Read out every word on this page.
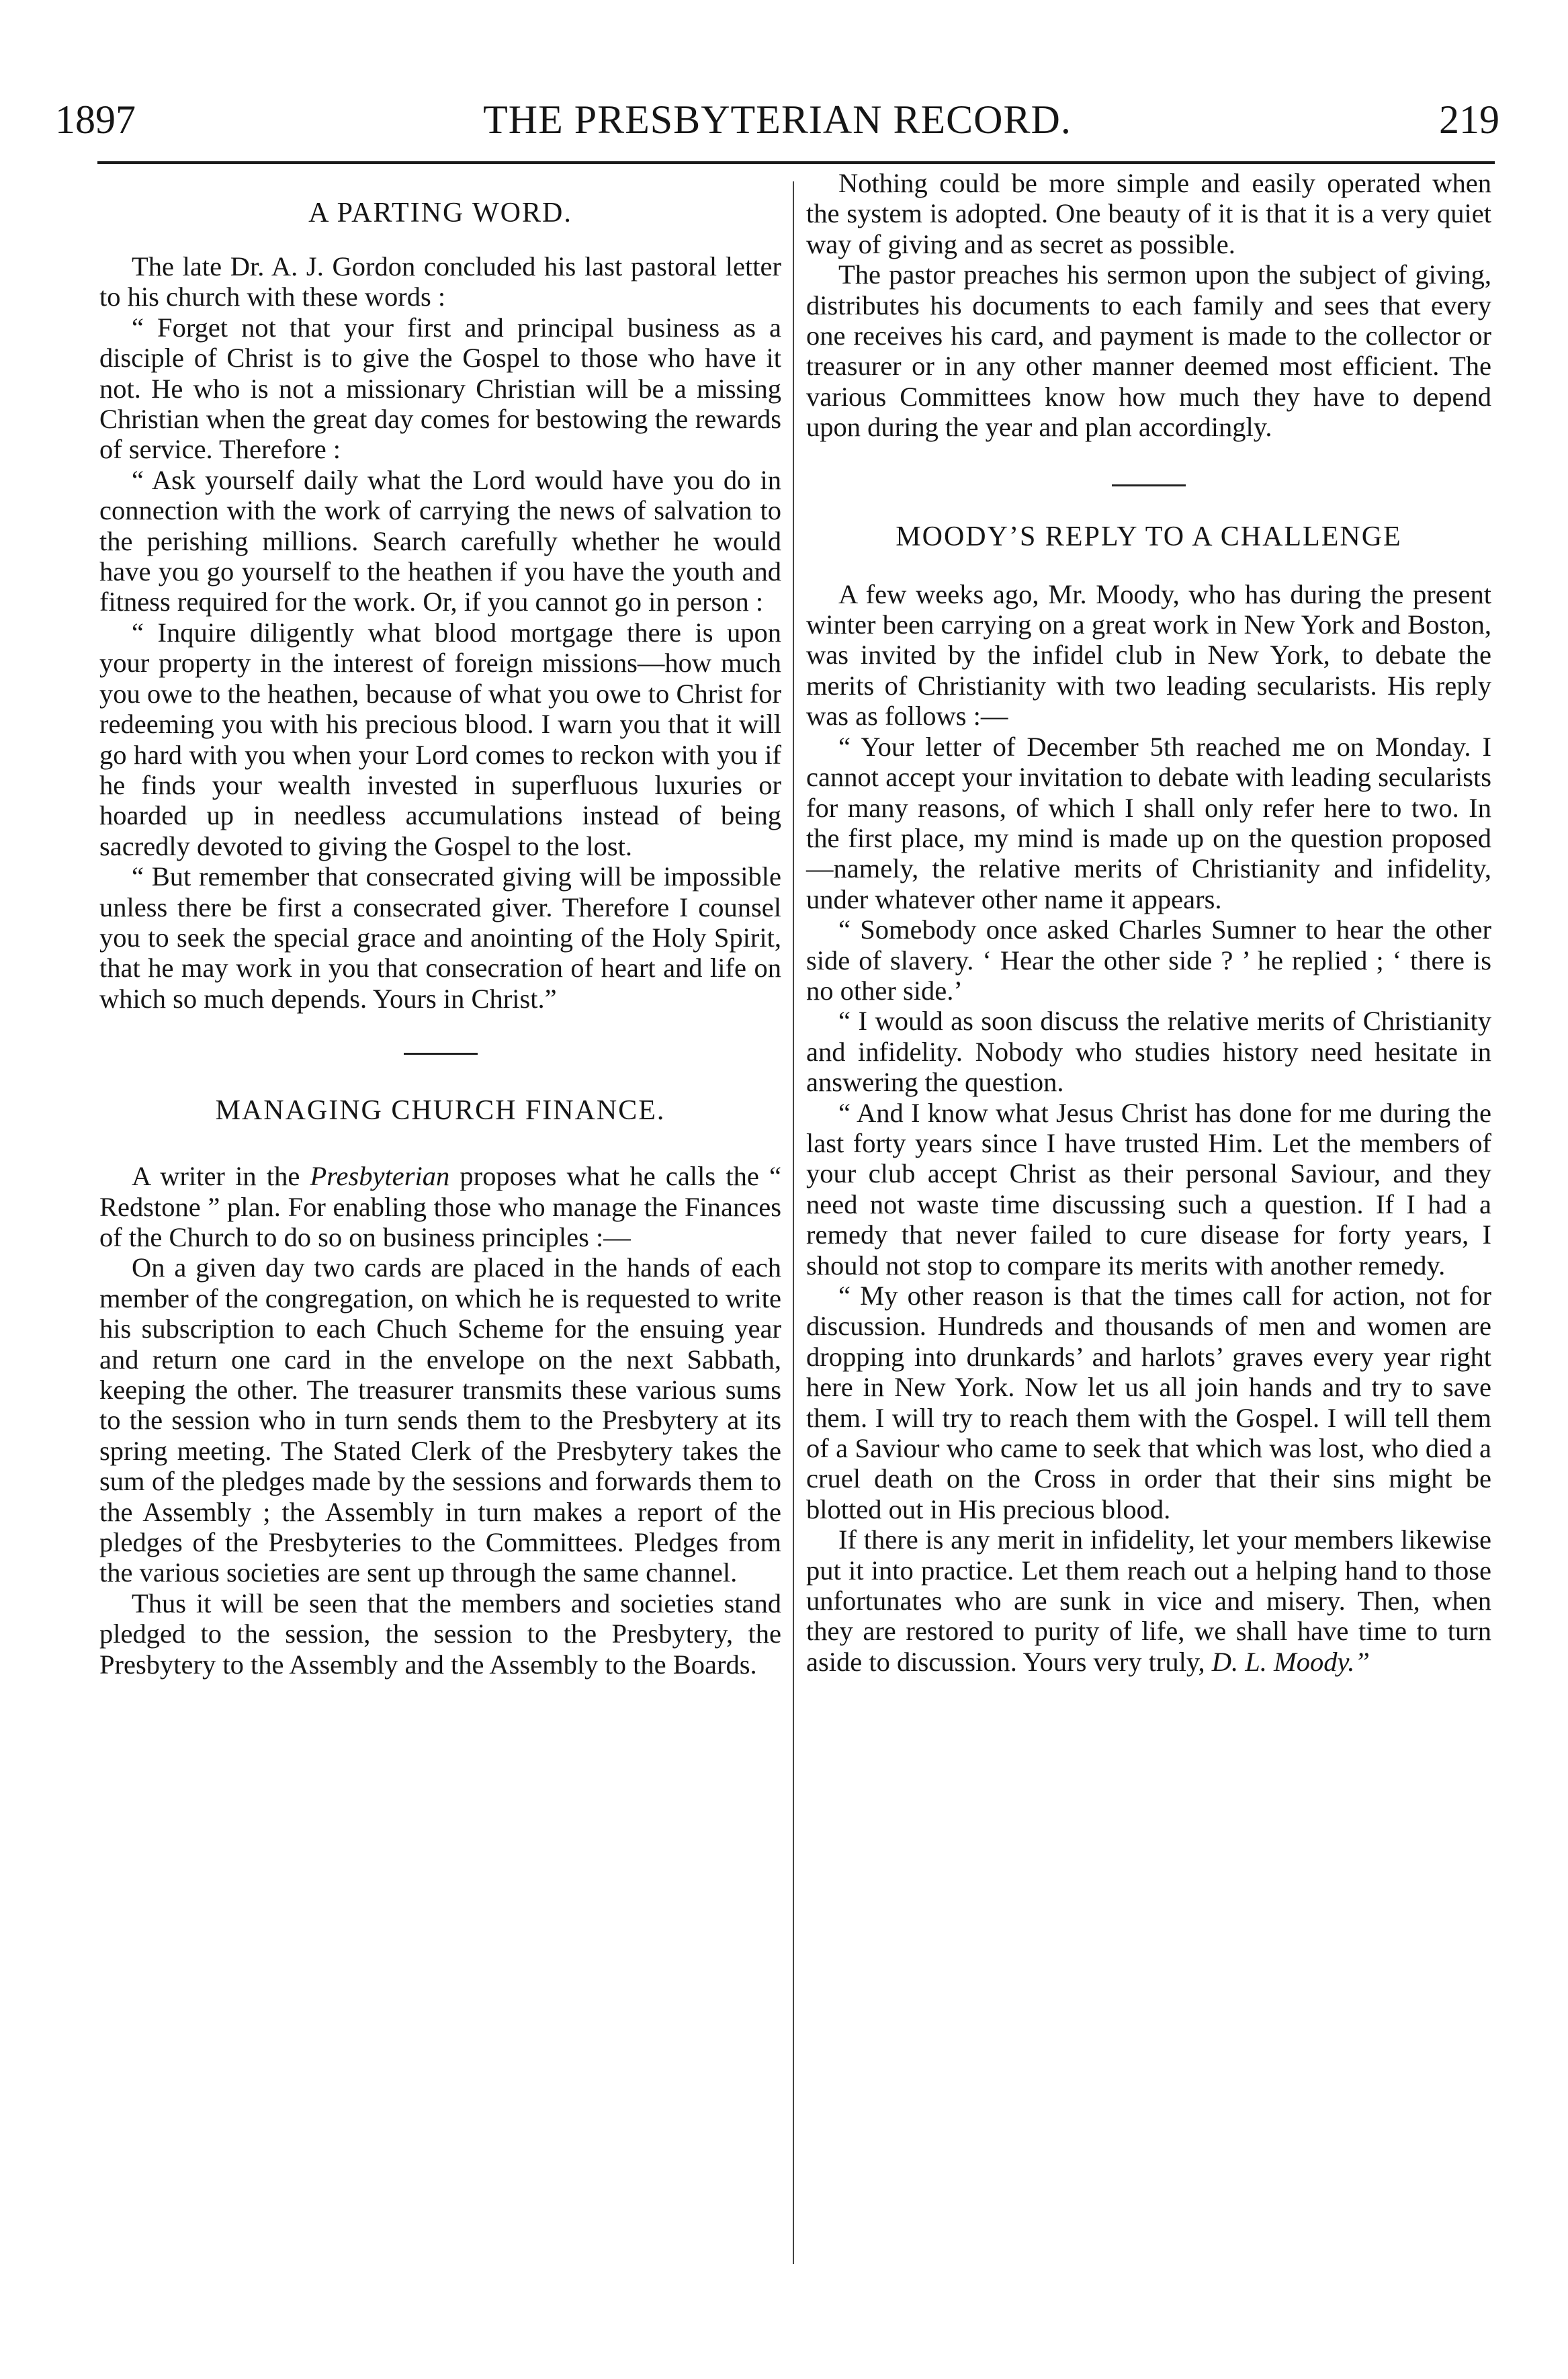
1897	THE PRESBYTERIAN RECORD.	219
A PARTING WORD.

The late Dr. A. J. Gordon concluded his last pastoral letter to his church with these words :

“ Forget not that your first and principal business as a disciple of Christ is to give the Gospel to those who have it not. He who is not a missionary Christian will be a missing Christian when the great day comes for bestowing the rewards of service. Therefore :

“ Ask yourself daily what the Lord would have you do in connection with the work of carrying the news of salvation to the perishing millions. Search carefully whether he would have you go yourself to the heathen if you have the youth and fitness required for the work. Or, if you cannot go in person :

“ Inquire diligently what blood mortgage there is upon your property in the interest of foreign missions—how much you owe to the heathen, because of what you owe to Christ for redeeming you with his precious blood. I warn you that it will go hard with you when your Lord comes to reckon with you if he finds your wealth invested in superfluous luxuries or hoarded up in needless accumulations instead of being sacredly devoted to giving the Gospel to the lost.

“ But remember that consecrated giving will be impossible unless there be first a consecrated giver. Therefore I counsel you to seek the special grace and anointing of the Holy Spirit, that he may work in you that consecration of heart and life on which so much depends. Yours in Christ.”

MANAGING CHURCH FINANCE.

A writer in the Presbyterian proposes what he calls the “ Redstone ” plan. For enabling those who manage the Finances of the Church to do so on business principles :—

On a given day two cards are placed in the hands of each member of the congregation, on which he is requested to write his subscription to each Chuch Scheme for the ensuing year and return one card in the envelope on the next Sabbath, keeping the other. The treasurer transmits these various sums to the session who in turn sends them to the Presbytery at its spring meeting. The Stated Clerk of the Presbytery takes the sum of the pledges made by the sessions and forwards them to the Assembly ; the Assembly in turn makes a report of the pledges of the Presbyteries to the Committees. Pledges from the various societies are sent up through the same channel.

Thus it will be seen that the members and societies stand pledged to the session, the session to the Presbytery, the Presbytery to the Assembly and the Assembly to the Boards.

Nothing could be more simple and easily operated when the system is adopted. One beauty of it is that it is a very quiet way of giving and as secret as possible.

The pastor preaches his sermon upon the subject of giving, distributes his documents to each family and sees that every one receives his card, and payment is made to the collector or treasurer or in any other manner deemed most efficient. The various Committees know how much they have to depend upon during the year and plan accordingly.

MOODY’S REPLY TO A CHALLENGE

A few weeks ago, Mr. Moody, who has during the present winter been carrying on a great work in New York and Boston, was invited by the infidel club in New York, to debate the merits of Christianity with two leading secularists. His reply was as follows :—

“ Your letter of December 5th reached me on Monday. I cannot accept your invitation to debate with leading secularists for many reasons, of which I shall only refer here to two. In the first place, my mind is made up on the question proposed—namely, the relative merits of Christianity and infidelity, under whatever other name it appears.

“ Somebody once asked Charles Sumner to hear the other side of slavery. ‘ Hear the other side ? ’ he replied ; ‘ there is no other side.’

“ I would as soon discuss the relative merits of Christianity and infidelity. Nobody who studies history need hesitate in answering the question.

“ And I know what Jesus Christ has done for me during the last forty years since I have trusted Him. Let the members of your club accept Christ as their personal Saviour, and they need not waste time discussing such a question. If I had a remedy that never failed to cure disease for forty years, I should not stop to compare its merits with another remedy.

“ My other reason is that the times call for action, not for discussion. Hundreds and thousands of men and women are dropping into drunkards’ and harlots’ graves every year right here in New York. Now let us all join hands and try to save them. I will try to reach them with the Gospel. I will tell them of a Saviour who came to seek that which was lost, who died a cruel death on the Cross in order that their sins might be blotted out in His precious blood.

If there is any merit in infidelity, let your members likewise put it into practice. Let them reach out a helping hand to those unfortunates who are sunk in vice and misery. Then, when they are restored to purity of life, we shall have time to turn aside to discussion. Yours very truly, D. L. Moody.”
